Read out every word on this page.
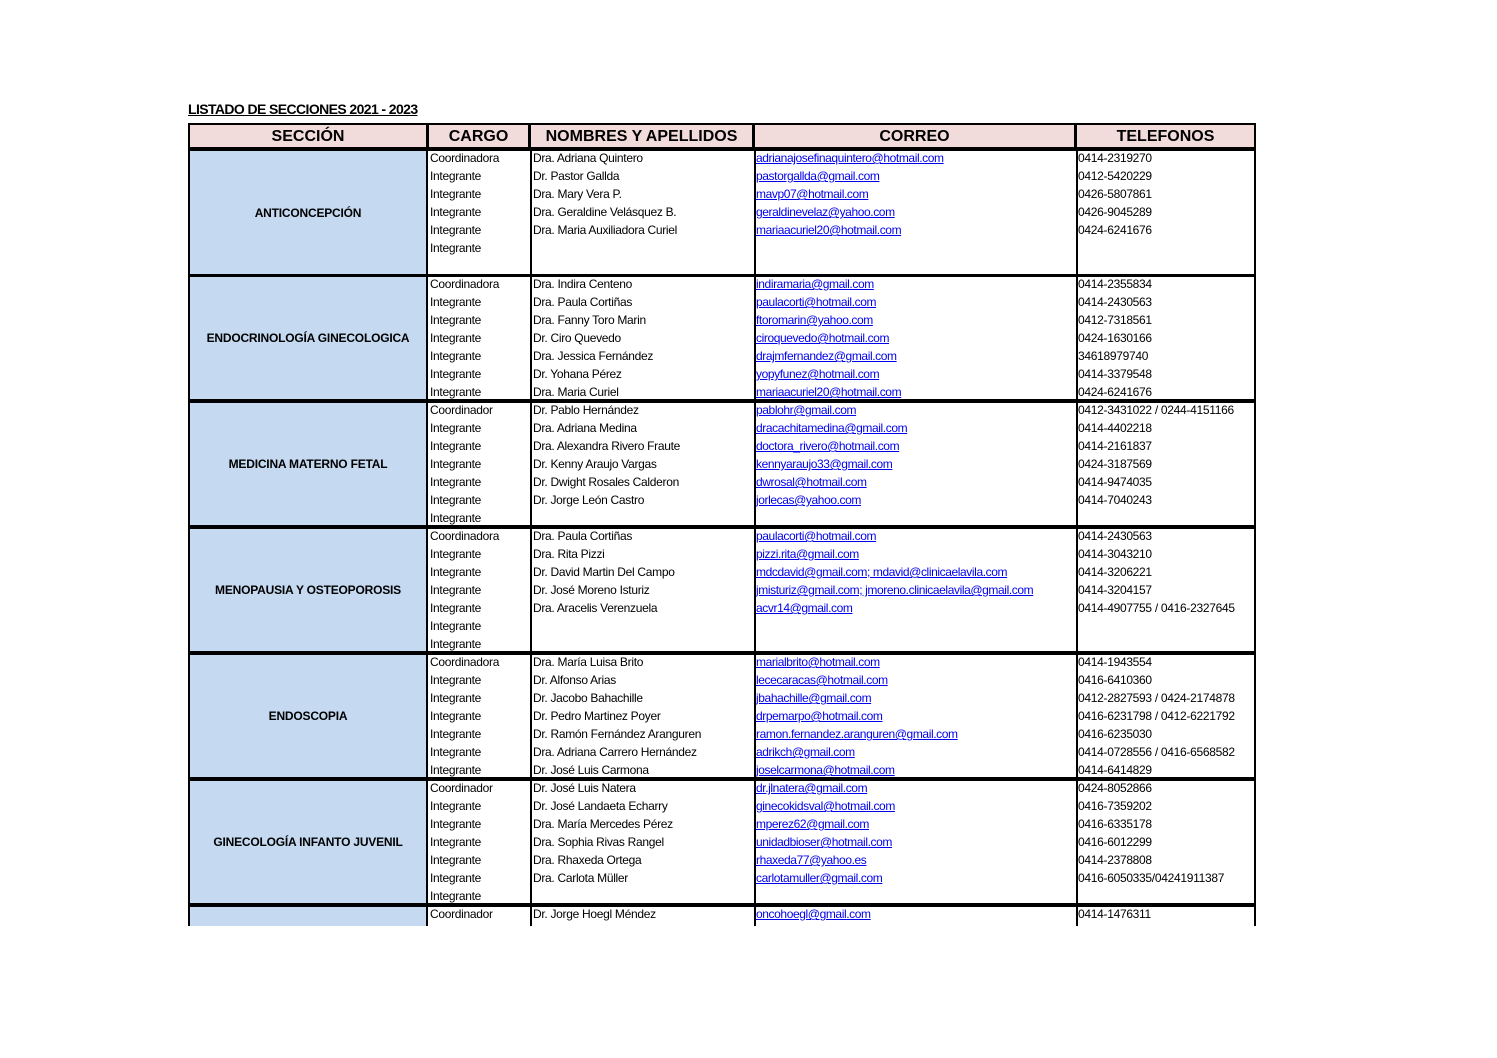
LISTADO DE SECCIONES 2021 - 2023
SECCIÓN	CARGO	NOMBRES Y APELLIDOS	CORREO	TELEFONOS
ANTICONCEPCIÓN
Coordinadora	Dra. Adriana Quintero	adrianajosefinaquintero@hotmail.com	0414-2319270
Integrante	Dr. Pastor Gallda	pastorgallda@gmail.com	0412-5420229
Integrante	Dra. Mary Vera P.	mavp07@hotmail.com	0426-5807861
Integrante	Dra. Geraldine Velásquez B.	geraldinevelaz@yahoo.com	0426-9045289
Integrante	Dra. Maria Auxiliadora Curiel	mariaacuriel20@hotmail.com	0424-6241676
Integrante
ENDOCRINOLOGÍA GINECOLOGICA
Coordinadora	Dra. Indira Centeno	indiramaria@gmail.com	0414-2355834
Integrante	Dra. Paula Cortiñas	paulacorti@hotmail.com	0414-2430563
Integrante	Dra. Fanny Toro Marin	ftoromarin@yahoo.com	0412-7318561
Integrante	Dr. Ciro Quevedo	ciroquevedo@hotmail.com	0424-1630166
Integrante	Dra. Jessica Fernández	drajmfernandez@gmail.com	34618979740
Integrante	Dr. Yohana Pérez	yopyfunez@hotmail.com	0414-3379548
Integrante	Dra. Maria Curiel	mariaacuriel20@hotmail.com	0424-6241676
MEDICINA MATERNO FETAL
Coordinador	Dr. Pablo Hernández	pablohr@gmail.com	0412-3431022 / 0244-4151166
Integrante	Dra. Adriana Medina	dracachitamedina@gmail.com	0414-4402218
Integrante	Dra. Alexandra Rivero Fraute	doctora_rivero@hotmail.com	0414-2161837
Integrante	Dr. Kenny Araujo Vargas	kennyaraujo33@gmail.com	0424-3187569
Integrante	Dr. Dwight Rosales Calderon	dwrosal@hotmail.com	0414-9474035
Integrante	Dr. Jorge León Castro	jorlecas@yahoo.com	0414-7040243
Integrante
MENOPAUSIA Y OSTEOPOROSIS
Coordinadora	Dra. Paula Cortiñas	paulacorti@hotmail.com	0414-2430563
Integrante	Dra. Rita Pizzi	pizzi.rita@gmail.com	0414-3043210
Integrante	Dr. David Martin Del Campo	mdcdavid@gmail.com; mdavid@clinicaelavila.com	0414-3206221
Integrante	Dr. José Moreno Isturiz	jmisturiz@gmail.com; jmoreno.clinicaelavila@gmail.com	0414-3204157
Integrante	Dra. Aracelis Verenzuela	acvr14@gmail.com	0414-4907755 / 0416-2327645
Integrante
Integrante
ENDOSCOPIA
Coordinadora	Dra. María Luisa Brito	marialbrito@hotmail.com	0414-1943554
Integrante	Dr. Alfonso Arias	lececaracas@hotmail.com	0416-6410360
Integrante	Dr. Jacobo Bahachille	jbahachille@gmail.com	0412-2827593 / 0424-2174878
Integrante	Dr. Pedro Martinez Poyer	drpemarpo@hotmail.com	0416-6231798 / 0412-6221792
Integrante	Dr. Ramón Fernández Aranguren	ramon.fernandez.aranguren@gmail.com	0416-6235030
Integrante	Dra. Adriana Carrero Hernández	adrikch@gmail.com	0414-0728556 / 0416-6568582
Integrante	Dr. José Luis Carmona	joselcarmona@hotmail.com	0414-6414829
GINECOLOGÍA INFANTO JUVENIL
Coordinador	Dr. José Luis Natera	dr.jlnatera@gmail.com	0424-8052866
Integrante	Dr. José Landaeta Echarry	ginecokidsval@hotmail.com	0416-7359202
Integrante	Dra. María Mercedes Pérez	mperez62@gmail.com	0416-6335178
Integrante	Dra. Sophia Rivas Rangel	unidadbioser@hotmail.com	0416-6012299
Integrante	Dra. Rhaxeda Ortega	rhaxeda77@yahoo.es	0414-2378808
Integrante	Dra. Carlota Müller	carlotamuller@gmail.com	0416-6050335/04241911387
Integrante
Coordinador	Dr. Jorge Hoegl Méndez	oncohoegl@gmail.com	0414-1476311
